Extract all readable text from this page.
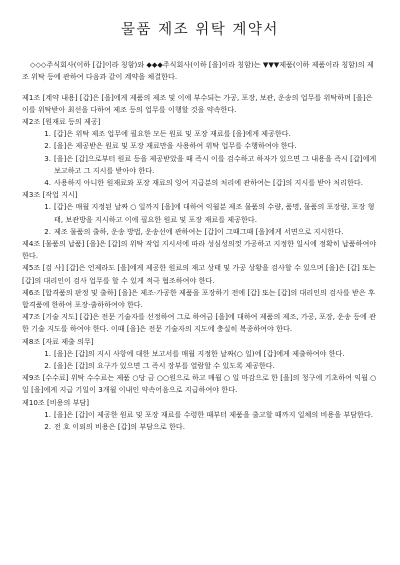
물품 제조 위탁 계약서

◇◇◇주식회사(이하 [갑]이라 칭함)와 ◆◆◆주식회사(이하 [을]이라 칭함)는 ▼▼▼제품(이하 제품이라 칭함)의 제조 위탁 등에 관하여 다음과 같이 계약을 체결한다.

제1조 [계약 내용] [갑]은 [을]에게 제품의 제조 및 이에 부수되는 가공, 포장, 보관, 운송의 업무를 위탁하며 [을]은 이를 위탁받아 최선을 다하여 제조 등의 업무를 이행할 것을 약속한다.

제2조 [원재료 등의 제공]

1. [갑]은 위탁 제조 업무에 필요한 모든 원료 및 포장 재료를 [을]에게 제공한다.
2. [을]은 제공받은 원료 및 포장 재료만을 사용하여 위탁 업무를 수행하여야 한다.
3. [을]은 [갑]으로부터 원료 등을 제공받았을 때 즉시 이를 검수하고 하자가 있으면 그 내용을 즉시 [갑]에게 보고하고 그 지시를 받아야 한다.
4. 사용하지 아니한 원재료와 포장 재료의 잉여 지급분의 처리에 관하여는 [갑]의 지시를 받아 처리한다.

제3조 [작업 지시]

1. [갑]은 매월 지정된 날짜 ○ 일까지 [을]에 대하여 익월분 제조 물품의 수량, 품명, 물품의 포장량, 포장 형태, 보관방을 지시하고 이에 필요한 원료 및 포장 재료를 제공한다.
2. 제조 물품의 출하, 운송 방법, 운송선에 관하여는 [갑]이 그때그때 [을]에게 서면으로 지시한다.

제4조 [물품의 납품] [을]은 [갑]의 위탁 작업 지시서에 따라 성심성의껏 가공하고 지정한 일시에 정확히 납품하여야 한다.

제5조 [검 사] [갑]은 언제라도 [을]에게 제공한 원료의 재고 상태 및 가공 상황을 검사할 수 있으며 [을]은 [갑] 또는 [갑]의 대리인이 검사 업무를 할 수 있게 적극 협조하여야 한다.

제6조 [합격품의 판정 및 출하] [을]은 제조·가공한 제품을 포장하기 전에 [갑] 또는 [갑]의 대리인의 검사를 받은 후 합격품에 한하여 포장·출하하여야 한다.

제7조 [기술 지도] [갑]은 전문 기술자를 선정하여 그로 하여금 [을]에 대하여 제품의 제조, 가공, 포장, 운송 등에 관한 기술 지도를 하여야 한다. 이때 [을]은 전문 기술자의 지도에 충실히 복종하여야 한다.

제8조 [자료 제출 의무]

1. [을]은 [갑]의 지시 사항에 대한 보고서를 매월 지정한 날짜(○ 일)에 [갑]에게 제출하여야 한다.
2. [을]은 [갑]의 요구가 있으면 그 즉시 장부를 열람할 수 있도록 제공한다.

제9조 [수수료] 위탁 수수료는 제품 ○당 금 ○○원으로 하고 매월 ○ 일 마감으로 한 [을]의 청구에 기초하여 익월 ○ 일 [을]에게 지급 기일이 3개월 이내인 약속어음으로 지급하여야 한다.

제10조 [비용의 부담]

1. [을]은 [갑]이 제공한 원료 및 포장 재료를 수령한 때부터 제품을 출고할 때까지 일체의 비용을 부담한다.
2. 전 호 이외의 비용은 [갑]의 부담으로 한다.
